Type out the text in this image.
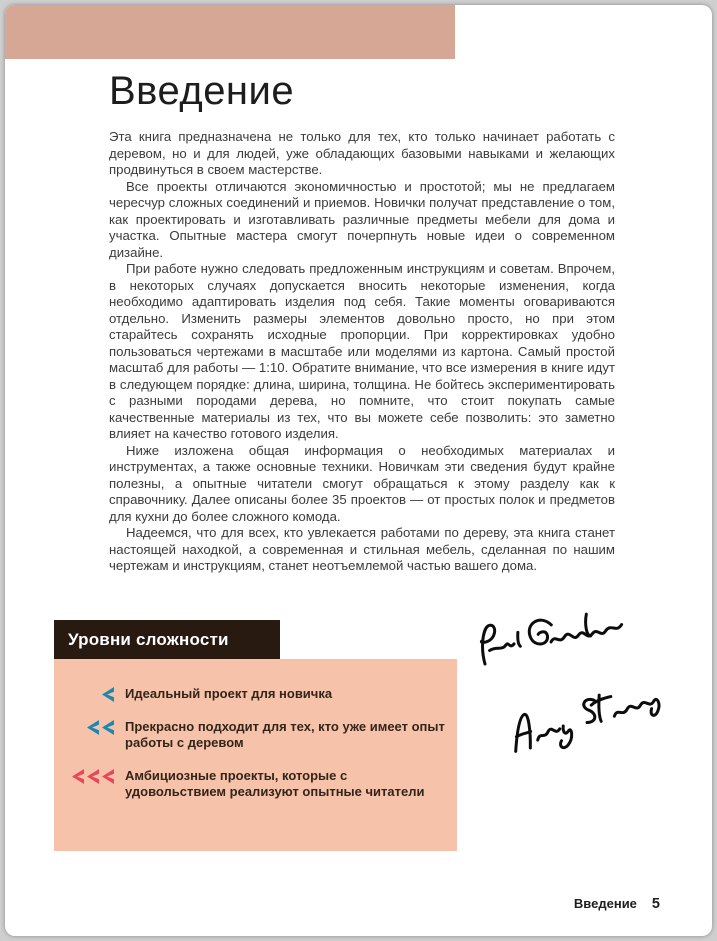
Введение

Эта книга предназначена не только для тех, кто только начинает работать с деревом, но и для людей, уже обладающих базовыми навыками и желающих продвинуться в своем мастерстве.

Все проекты отличаются экономичностью и простотой; мы не предлагаем чересчур сложных соединений и приемов. Новички получат представление о том, как проектировать и изготавливать различные предметы мебели для дома и участка. Опытные мастера смогут почерпнуть новые идеи о современном дизайне.

При работе нужно следовать предложенным инструкциям и советам. Впрочем, в некоторых случаях допускается вносить некоторые изменения, когда необходимо адаптировать изделия под себя. Такие моменты оговариваются отдельно. Изменить размеры элементов довольно просто, но при этом старайтесь сохранять исходные пропорции. При корректировках удобно пользоваться чертежами в масштабе или моделями из картона. Самый простой масштаб для работы — 1:10. Обратите внимание, что все измерения в книге идут в следующем порядке: длина, ширина, толщина. Не бойтесь экспериментировать с разными породами дерева, но помните, что стоит покупать самые качественные материалы из тех, что вы можете себе позволить: это заметно влияет на качество готового изделия.

Ниже изложена общая информация о необходимых материалах и инструментах, а также основные техники. Новичкам эти сведения будут крайне полезны, а опытные читатели смогут обращаться к этому разделу как к справочнику. Далее описаны более 35 проектов — от простых полок и предметов для кухни до более сложного комода.

Надеемся, что для всех, кто увлекается работами по дереву, эта книга станет настоящей находкой, а современная и стильная мебель, сделанная по нашим чертежам и инструкциям, станет неотъемлемой частью вашего дома.

Уровни сложности
Идеальный проект для новичка
Прекрасно подходит для тех, кто уже имеет опыт работы с деревом
Амбициозные проекты, которые с удовольствием реализуют опытные читатели
Введение 5
